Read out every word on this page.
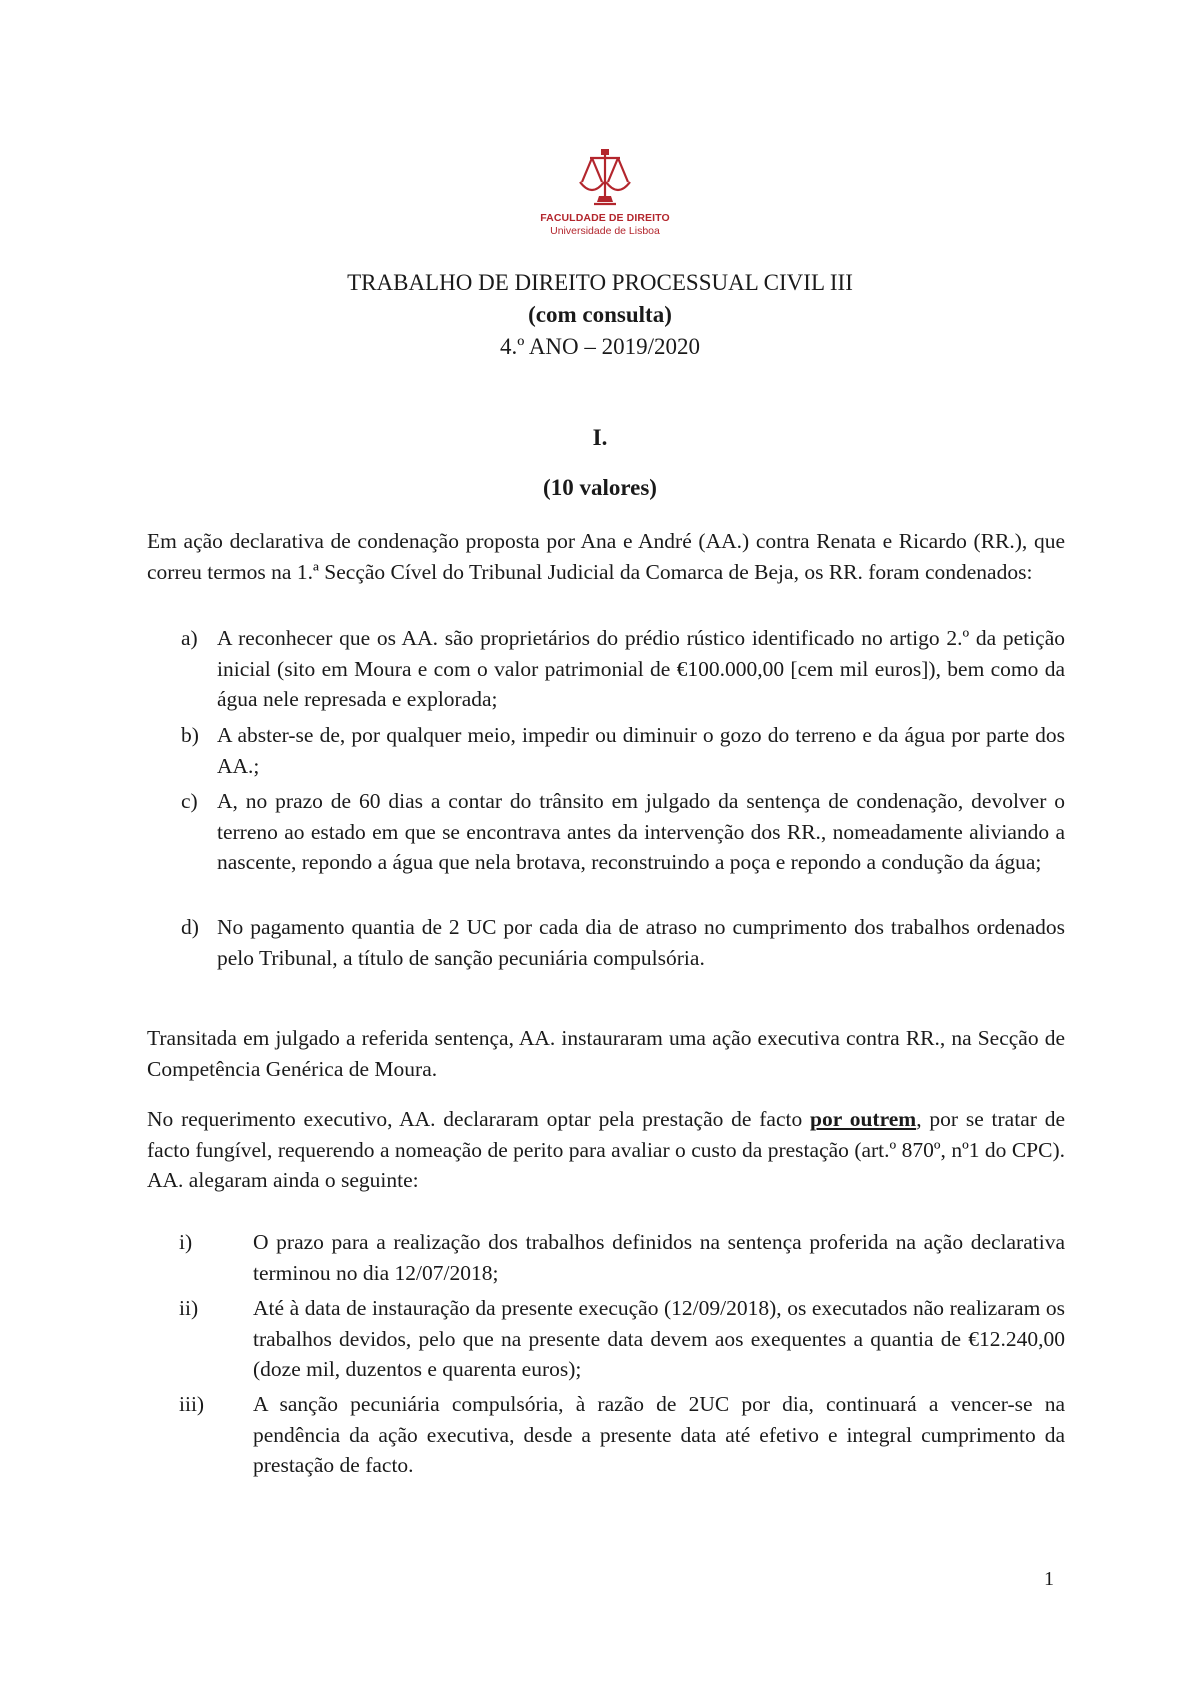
FACULDADE DE DIREITO
Universidade de Lisboa
TRABALHO DE DIREITO PROCESSUAL CIVIL III
(com consulta)
4.º ANO – 2019/2020
I.
(10 valores)

Em ação declarativa de condenação proposta por Ana e André (AA.) contra Renata e Ricardo (RR.), que correu termos na 1.ª Secção Cível do Tribunal Judicial da Comarca de Beja, os RR. foram condenados:

a) A reconhecer que os AA. são proprietários do prédio rústico identificado no artigo 2.º da petição inicial (sito em Moura e com o valor patrimonial de €100.000,00 [cem mil euros]), bem como da água nele represada e explorada;
b) A abster-se de, por qualquer meio, impedir ou diminuir o gozo do terreno e da água por parte dos AA.;
c) A, no prazo de 60 dias a contar do trânsito em julgado da sentença de condenação, devolver o terreno ao estado em que se encontrava antes da intervenção dos RR., nomeadamente aliviando a nascente, repondo a água que nela brotava, reconstruindo a poça e repondo a condução da água;
d) No pagamento quantia de 2 UC por cada dia de atraso no cumprimento dos trabalhos ordenados pelo Tribunal, a título de sanção pecuniária compulsória.

Transitada em julgado a referida sentença, AA. instauraram uma ação executiva contra RR., na Secção de Competência Genérica de Moura.

No requerimento executivo, AA. declararam optar pela prestação de facto por outrem, por se tratar de facto fungível, requerendo a nomeação de perito para avaliar o custo da prestação (art.º 870º, nº1 do CPC). AA. alegaram ainda o seguinte:

i)	O prazo para a realização dos trabalhos definidos na sentença proferida na ação declarativa terminou no dia 12/07/2018;
ii)	Até à data de instauração da presente execução (12/09/2018), os executados não realizaram os trabalhos devidos, pelo que na presente data devem aos exequentes a quantia de €12.240,00 (doze mil, duzentos e quarenta euros);
iii) A sanção pecuniária compulsória, à razão de 2UC por dia, continuará a vencer-se na pendência da ação executiva, desde a presente data até efetivo e integral cumprimento da prestação de facto.
1
